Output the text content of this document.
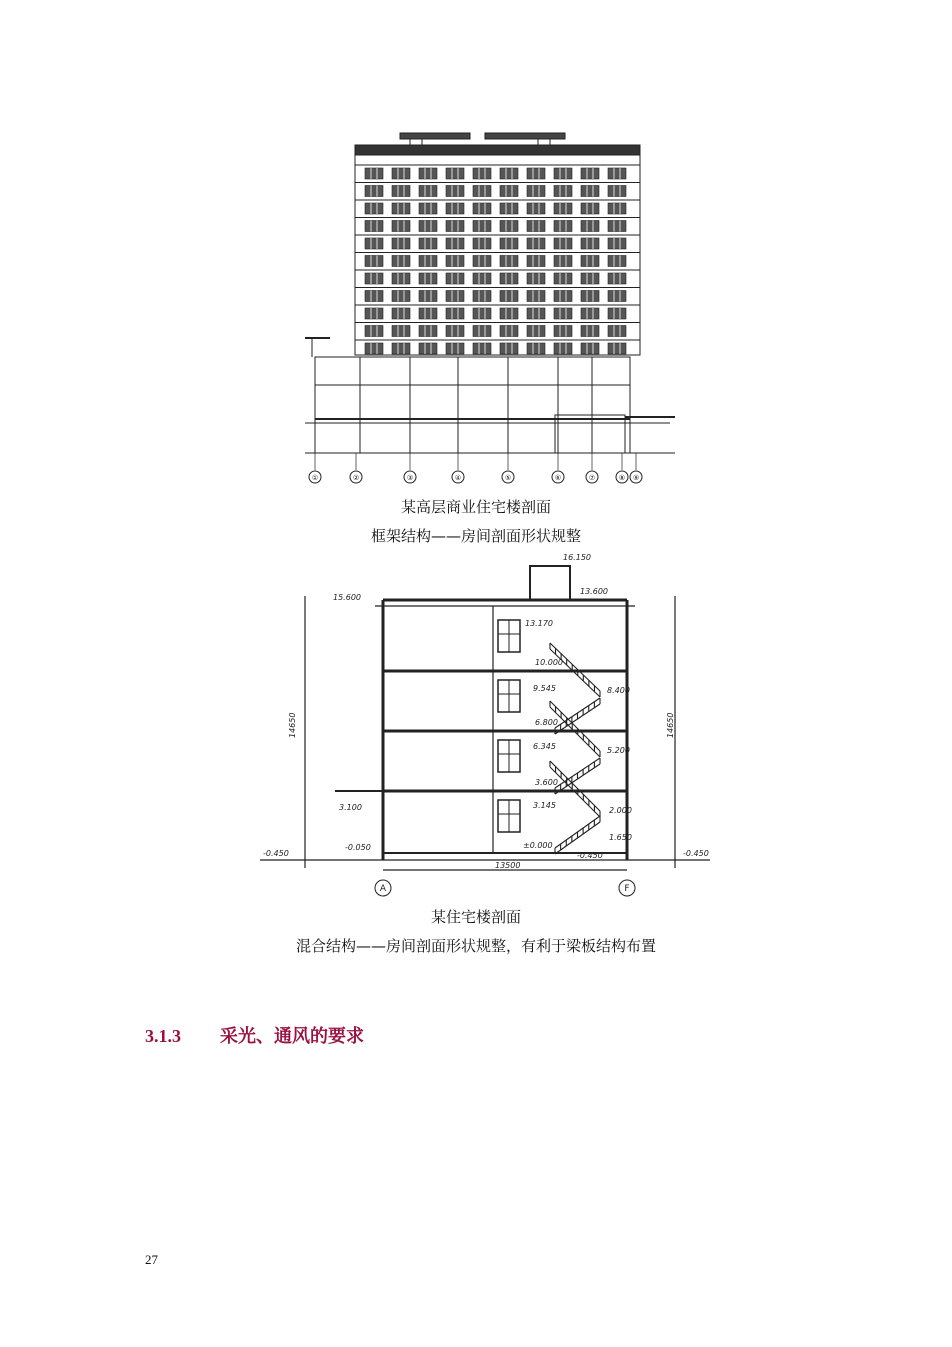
①	②	③	④	⑤	⑥	⑦	⑧ ⑨
某高层商业住宅楼剖面
框架结构——房间剖面形状规整
16.150
15.600
13.600
13.170
10.000
9.545	8.400
6.800
6.345	5.200
3.600
3.145
2.000
1.650
±0.000
-0.450
-0.050
3.100
-0.450	-0.450
13500
14650	14650
A	F
某住宅楼剖面
混合结构——房间剖面形状规整，有利于梁板结构布置
3.1.3 采光、通风的要求
27
